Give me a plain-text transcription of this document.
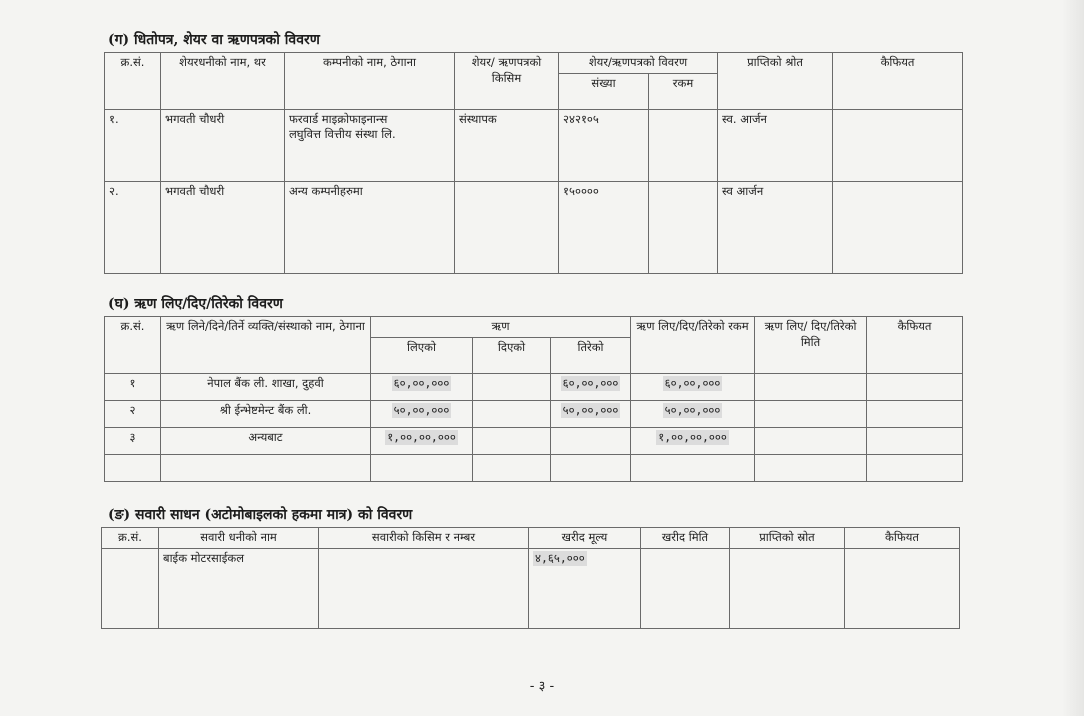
(ग) धितोपत्र, शेयर वा ऋणपत्रको विवरण
क्र.सं.	शेयरधनीको नाम, थर	कम्पनीको नाम, ठेगाना	शेयर/ ऋणपत्रको किसिम	शेयर/ऋणपत्रको विवरण		प्राप्तिको श्रोत	कैफियत
				संख्या	रकम		
१.	भगवती चौधरी	फरवार्ड माइक्रोफाइनान्स
लघुवित्त वित्तीय संस्था लि.	संस्थापक	२४२१०५		स्व. आर्जन	
२.	भगवती चौधरी	अन्य कम्पनीहरुमा		१५००००		स्व आर्जन	
(घ) ऋण लिए/दिए/तिरेको विवरण
क्र.सं.	ऋण लिने/दिने/तिर्ने व्यक्ति/संस्थाको नाम, ठेगाना	ऋण			ऋण लिए/दिए/तिरेको रकम	ऋण लिए/ दिए/तिरेको मिति	कैफियत
		लिएको	दिएको	तिरेको			
१	नेपाल बैंक ली. शाखा, दुहवी	६०,००,०००		६०,००,०००	६०,००,०००		
२	श्री ईन्भेष्टमेन्ट बैंक ली.	५०,००,०००		५०,००,०००	५०,००,०००		
३	अन्यबाट	१,००,००,०००			१,००,००,०००		

(ङ) सवारी साधन (अटोमोबाइलको हकमा मात्र) को विवरण
क्र.सं.	सवारी धनीको नाम	सवारीको किसिम र नम्बर	खरीद मूल्य	खरीद मिति	प्राप्तिको स्रोत	कैफियत
	बाईक मोटरसाईकल		४,६५,०००			
- ३ -
